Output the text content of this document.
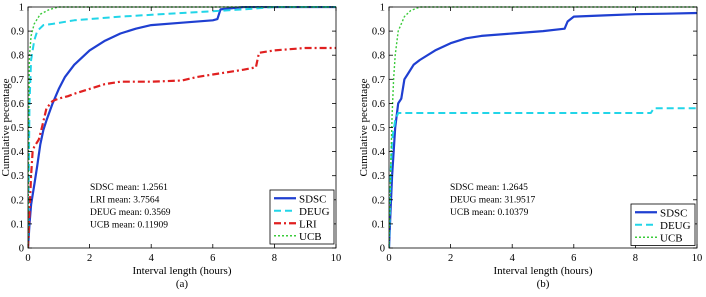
0	2	4	6	8	10
0
0.1
0.2
0.3
0.4
0.5
0.6
0.7
0.8
0.9
1
Interval length (hours)
Cumulative pecentage
SDSC mean: 1.2561
LRI mean: 3.7564
DEUG mean: 0.3569
UCB mean: 0.11909
SDSC
DEUG
LRI
UCB
(a)
0	2	4	6	8	10
0
0.1
0.2
0.3
0.4
0.5
0.6
0.7
0.8
0.9
1
Interval length (hours)
Cumulative pecentage
SDSC mean: 1.2645
DEUG mean: 31.9517
UCB mean: 0.10379	SDSC
DEUG
UCB
(b)
